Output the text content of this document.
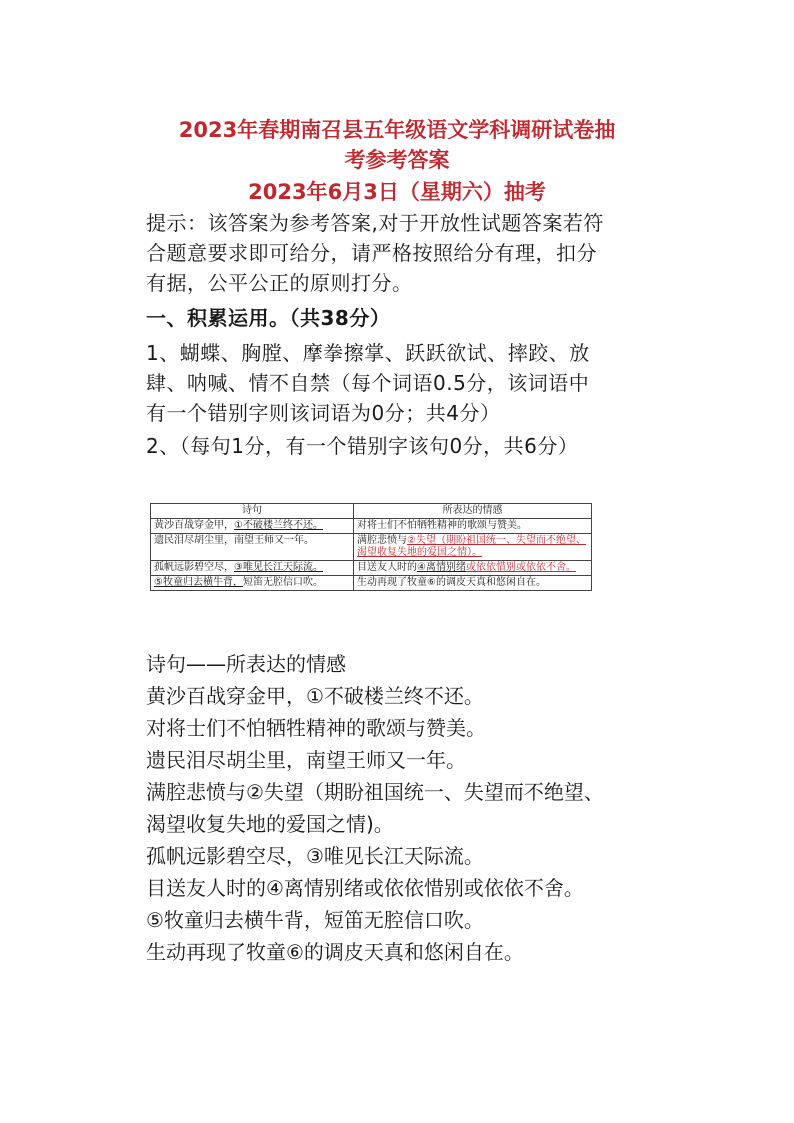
2023年春期南召县五年级语文学科调研试卷抽
考参考答案
2023年6月3日（星期六）抽考
提示：该答案为参考答案,对于开放性试题答案若符合题意要求即可给分，请严格按照给分有理，扣分有据，公平公正的原则打分。
一、积累运用。（共38分）
1、蝴蝶、胸膛、摩拳擦掌、跃跃欲试、摔跤、放肆、呐喊、情不自禁（每个词语0.5分，该词语中有一个错别字则该词语为0分；共4分）
2、（每句1分，有一个错别字该句0分，共6分）
诗句	所表达的情感
黄沙百战穿金甲，①不破楼兰终不还。	对将士们不怕牺牲精神的歌颂与赞美。
遗民泪尽胡尘里，南望王师又一年。	满腔悲愤与②失望（期盼祖国统一、失望而不绝望、渴望收复失地的爱国之情）。
孤帆远影碧空尽，③唯见长江天际流。	目送友人时的④离情别绪或依依惜别或依依不舍。
⑤牧童归去横牛背，短笛无腔信口吹。	生动再现了牧童⑥的调皮天真和悠闲自在。
诗句——所表达的情感
黄沙百战穿金甲，①不破楼兰终不还。
对将士们不怕牺牲精神的歌颂与赞美。
遗民泪尽胡尘里，南望王师又一年。
满腔悲愤与②失望（期盼祖国统一、失望而不绝望、渴望收复失地的爱国之情)。
孤帆远影碧空尽，③唯见长江天际流。
目送友人时的④离情别绪或依依惜别或依依不舍。
⑤牧童归去横牛背，短笛无腔信口吹。
生动再现了牧童⑥的调皮天真和悠闲自在。
